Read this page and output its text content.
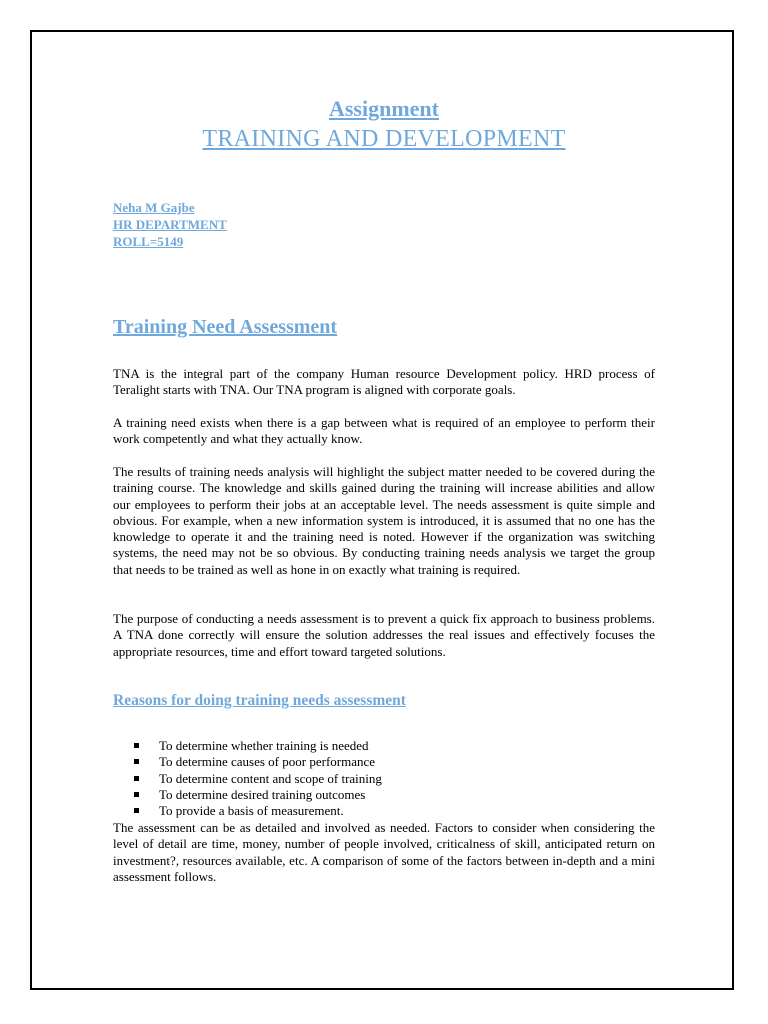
Assignment
TRAINING AND DEVELOPMENT
Neha M Gajbe
HR DEPARTMENT
ROLL=5149
Training Need Assessment

TNA is the integral part of the company Human resource Development policy. HRD process of Teralight starts with TNA. Our TNA program is aligned with corporate goals.

A training need exists when there is a gap between what is required of an employee to perform their work competently and what they actually know.

The results of training needs analysis will highlight the subject matter needed to be covered during the training course. The knowledge and skills gained during the training will increase abilities and allow our employees to perform their jobs at an acceptable level. The needs assessment is quite simple and obvious. For example, when a new information system is introduced, it is assumed that no one has the knowledge to operate it and the training need is noted. However if the organization was switching systems, the need may not be so obvious. By conducting training needs analysis we target the group that needs to be trained as well as hone in on exactly what training is required.

The purpose of conducting a needs assessment is to prevent a quick fix approach to business problems. A TNA done correctly will ensure the solution addresses the real issues and effectively focuses the appropriate resources, time and effort toward targeted solutions.

Reasons for doing training needs assessment
To determine whether training is needed
To determine causes of poor performance
To determine content and scope of training
To determine desired training outcomes
To provide a basis of measurement.

The assessment can be as detailed and involved as needed. Factors to consider when considering the level of detail are time, money, number of people involved, criticalness of skill, anticipated return on investment?, resources available, etc. A comparison of some of the factors between in-depth and a mini assessment follows.
